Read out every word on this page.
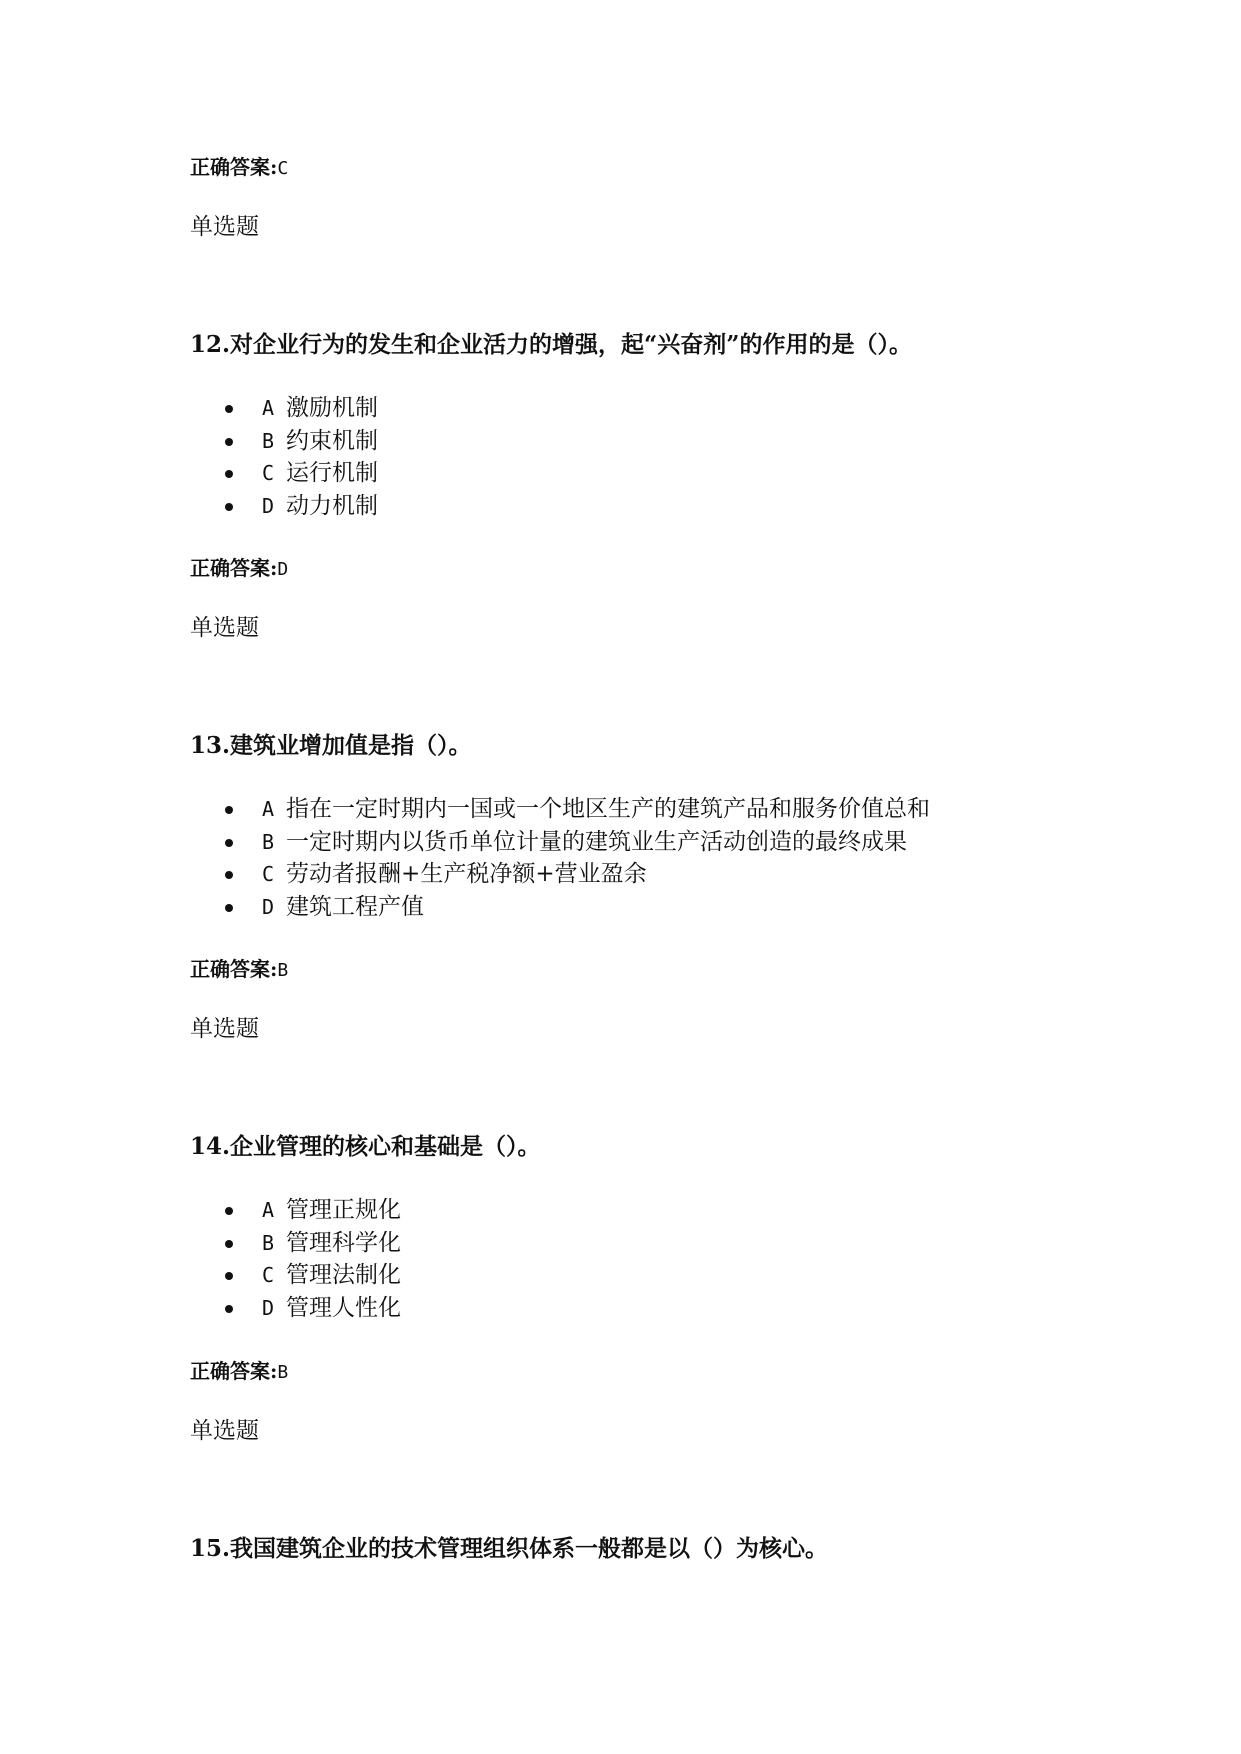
正确答案:C
单选题
12.对企业行为的发生和企业活力的增强，起“兴奋剂”的作用的是（）。
A 激励机制
B 约束机制
C 运行机制
D 动力机制
正确答案:D
单选题
13.建筑业增加值是指（）。
A 指在一定时期内一国或一个地区生产的建筑产品和服务价值总和
B 一定时期内以货币单位计量的建筑业生产活动创造的最终成果
C 劳动者报酬+生产税净额+营业盈余
D 建筑工程产值
正确答案:B
单选题
14.企业管理的核心和基础是（）。
A 管理正规化
B 管理科学化
C 管理法制化
D 管理人性化
正确答案:B
单选题
15.我国建筑企业的技术管理组织体系一般都是以（）为核心。
